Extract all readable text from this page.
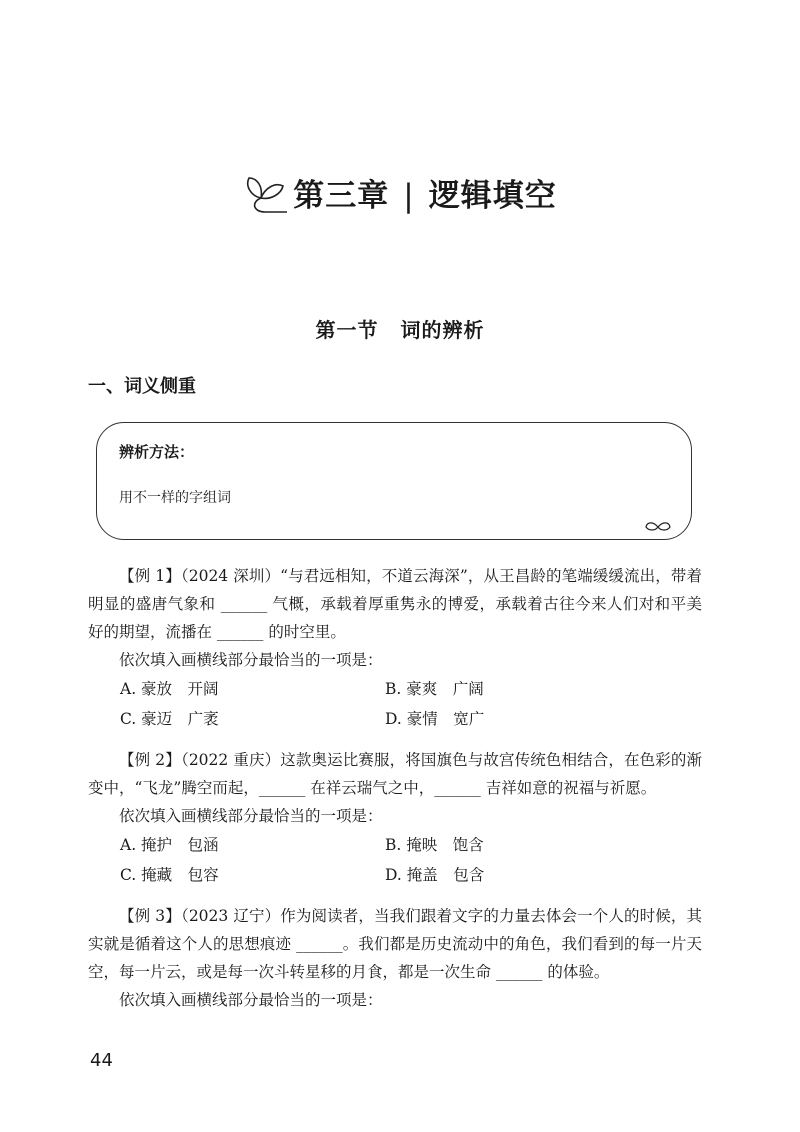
第三章 | 逻辑填空
第一节 词的辨析
一、词义侧重
辨析方法：
用不一样的字组词

【例 1】（2024 深圳）“与君远相知，不道云海深”，从王昌龄的笔端缓缓流出，带着明显的盛唐气象和 ______ 气概，承载着厚重隽永的博爱，承载着古往今来人们对和平美好的期望，流播在 ______ 的时空里。

依次填入画横线部分最恰当的一项是：

A. 豪放　开阔	B. 豪爽　广阔
C. 豪迈　广袤	D. 豪情　宽广

【例 2】（2022 重庆）这款奥运比赛服，将国旗色与故宫传统色相结合，在色彩的渐变中，“飞龙”腾空而起，______ 在祥云瑞气之中，______ 吉祥如意的祝福与祈愿。

依次填入画横线部分最恰当的一项是：

A. 掩护　包涵	B. 掩映　饱含
C. 掩藏　包容	D. 掩盖　包含

【例 3】（2023 辽宁）作为阅读者，当我们跟着文字的力量去体会一个人的时候，其实就是循着这个人的思想痕迹 ______。我们都是历史流动中的角色，我们看到的每一片天空，每一片云，或是每一次斗转星移的月食，都是一次生命 ______ 的体验。

依次填入画横线部分最恰当的一项是：

44
